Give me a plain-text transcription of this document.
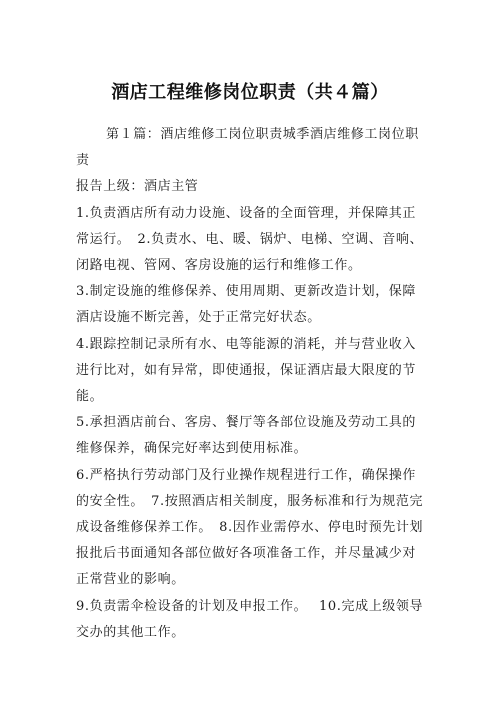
酒店工程维修岗位职责（共４篇）
第１篇：酒店维修工岗位职责城季酒店维修工岗位职
责
报告上级：酒店主管
1.负责酒店所有动力设施、设备的全面管理，并保障其正
常运行。　2.负责水、电、暖、锅炉、电梯、空调、音响、
闭路电视、管网、客房设施的运行和维修工作。
3.制定设施的维修保养、使用周期、更新改造计划，保障
酒店设施不断完善，处于正常完好状态。
4.跟踪控制记录所有水、电等能源的消耗，并与营业收入
进行比对，如有异常，即使通报，保证酒店最大限度的节
能。
5.承担酒店前台、客房、餐厅等各部位设施及劳动工具的
维修保养，确保完好率达到使用标准。
6.严格执行劳动部门及行业操作规程进行工作，确保操作
的安全性。　7.按照酒店相关制度，服务标准和行为规范完
成设备维修保养工作。　8.因作业需停水、停电时预先计划
报批后书面通知各部位做好各项准备工作，并尽量减少对
正常营业的影响。
9.负责需伞检设备的计划及申报工作。　 10.完成上级领导
交办的其他工作。
